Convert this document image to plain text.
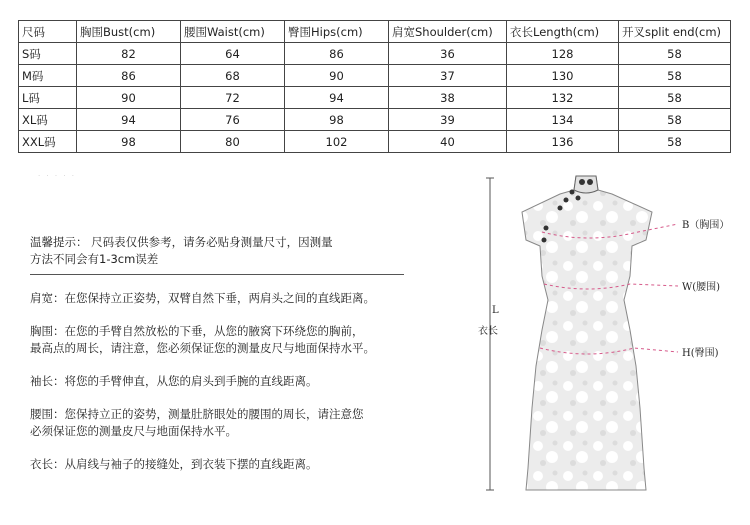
尺码	胸围Bust(cm)	腰围Waist(cm)	臀围Hips(cm)	肩宽Shoulder(cm)	衣长Length(cm)	开叉split end(cm)
S码	82	64	86	36	128	58
M码	86	68	90	37	130	58
L码	90	72	94	38	132	58
XL码	94	76	98	39	134	58
XXL码	98	80	102	40	136	58
· · · · ·
温馨提示： 尺码表仅供参考，请务必贴身测量尺寸，因测量
方法不同会有1-3cm误差
肩宽：在您保持立正姿势，双臂自然下垂，两肩头之间的直线距离。
胸围：在您的手臂自然放松的下垂，从您的腋窝下环绕您的胸前，
最高点的周长，请注意，您必须保证您的测量皮尺与地面保持水平。
袖长：将您的手臂伸直，从您的肩头到手腕的直线距离。
腰围：您保持立正的姿势，测量肚脐眼处的腰围的周长，请注意您
必须保证您的测量皮尺与地面保持水平。
衣长：从肩线与袖子的接缝处，到衣装下摆的直线距离。
B（胸围）
W(腰围)
H(臀围)
L
衣长
